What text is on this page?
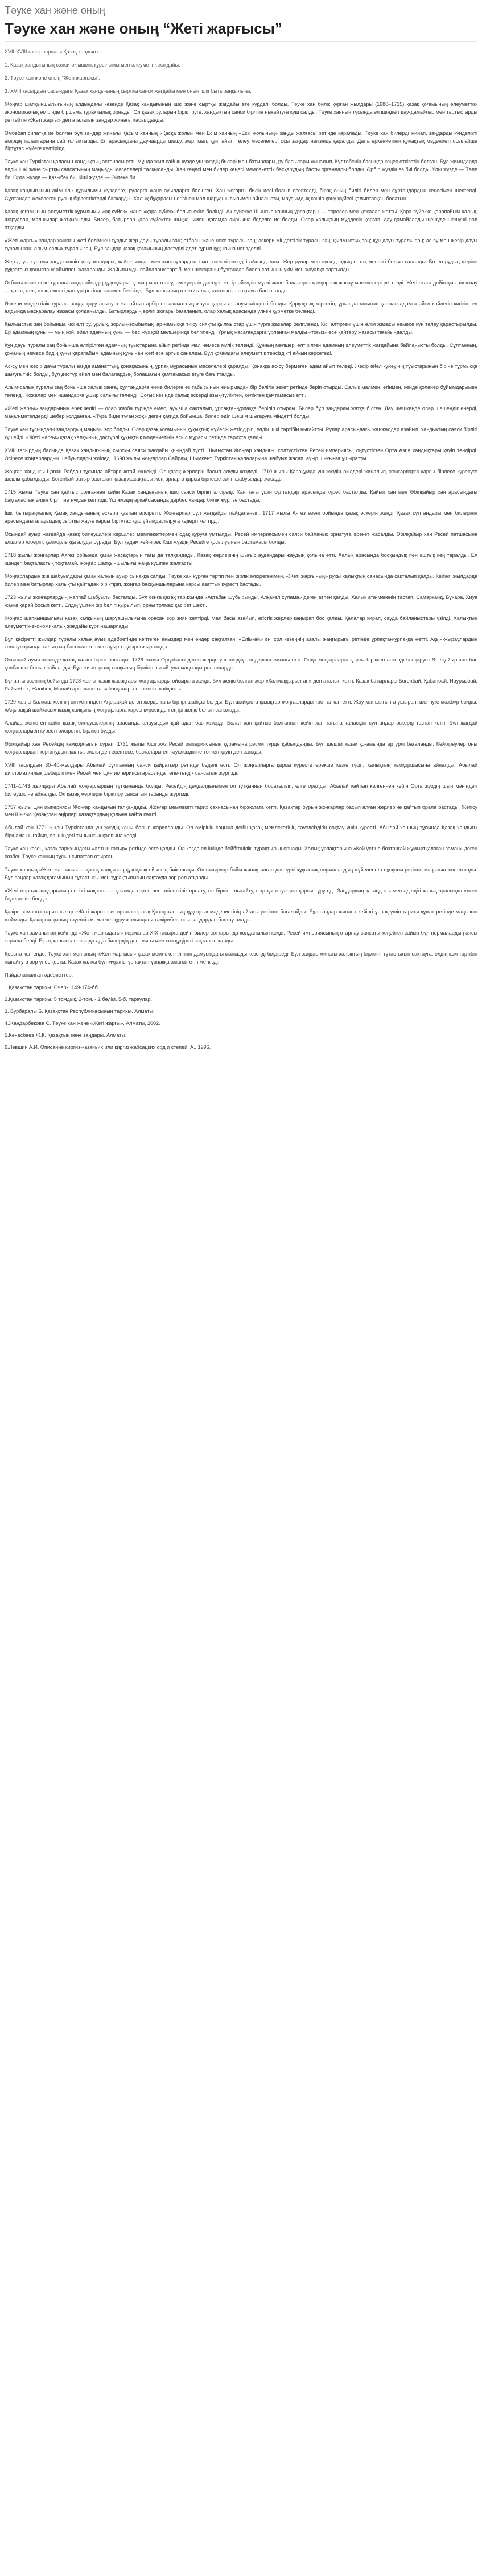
Тәуке хан және оның
Тәуке хан және оның “Жеті жарғысы”

XVII-XVIII ғасырлардағы Қазақ хандығы

1. Қазақ хандығының саяси-әкімшілік құрылымы мен әлеуметтік жағдайы.

2. Тәуке хан және оның “Жеті жарғысы”.

3. XVIII ғасырдың басындағы Қазақ хандығының сыртқы саяси жағдайы мен оның ішкі бытыраңқылығы.

Жоңғар шапқыншылығының алдындағы кезеңде Қазақ хандығының ішкі және сыртқы жағдайы өте күрделі болды. Тәуке хан билік құрған жылдары (1680–1715) қазақ қоғамының әлеуметтік-экономикалық өмірінде біршама тұрақтылық орнады. Ол қазақ руларын біріктіруге, хандықтың саяси бірлігін нығайтуға күш салды. Тәуке ханның тұсында ел ішіндегі дау-дамайлар мен тартыстарды реттейтін «Жеті жарғы» деп аталатын заңдар жинағы қабылданды.

Әмбебап сипатқа ие болған бұл заңдар жинағы Қасым ханның «Қасқа жолы» мен Есім ханның «Ескі жолының» заңды жалғасы ретінде қаралады. Тәуке хан билерді жинап, заңдарды күнделікті өмірдің талаптарына сай толықтырды. Ел арасындағы дау-шарды шешу, жер, мал, құн, айып төлеу мәселелері осы заңдар негізінде қаралды. Дала өркениетінің құқықтық мәдениеті осылайша біртұтас жүйеге келтірілді.

Тәуке хан Түркістан қаласын хандықтың астанасы етті. Мұнда жыл сайын күзде үш жүздің билері мен батырлары, ру басылары жиналып, Күлтөбенің басында кеңес өткізетін болған. Бұл жиындарда елдің ішкі және сыртқы саясатының маңызды мәселелері талқыланды. Хан кеңесі мен билер кеңесі мемлекеттік басқарудың басты органдары болды. Әрбір жүздің өз биі болды: Ұлы жүзде — Төле би, Орта жүзде — Қазыбек би, Кіші жүзде — Әйтеке би.

Қазақ хандығының әкімшілік құрылымы жүздерге, руларға және ауылдарға бөлінген. Хан жоғарғы билік иесі болып есептелді, бірақ оның билігі билер мен сұлтандардың кеңесімен шектелді. Сұлтандар жекелеген рулық бірлестіктерді басқарды. Халық бұқарасы негізінен мал шаруашылығымен айналысты, маусымдық көшіп-қону жүйесі қалыптасқан болатын.

Қазақ қоғамының әлеуметтік құрылымы «ақ сүйек» және «қара сүйек» болып екіге бөлінді. Ақ сүйекке Шыңғыс ханның ұрпақтары — төрелер мен қожалар жатты. Қара сүйекке қарапайым халық, шаруалар, малшылар жатқызылды. Билер, батырлар қара сүйектен шыққанымен, қоғамда айрықша беделге ие болды. Олар халықтың мүддесін қорғап, дау-дамайларды шешуде шешуші рөл атқарды.

«Жеті жарғы» заңдар жинағы жеті бөлімнен тұрды: жер дауы туралы заң; отбасы және неке туралы заң; әскери міндеттілік туралы заң; қылмыстық заң; құн дауы туралы заң; ас-су мен жесір дауы туралы заң; алым-салық туралы заң. Бұл заңдар қазақ қоғамының дәстүрлі әдет-ғұрып құқығына негізделді.

Жер дауы туралы заңда көшіп-қону жолдары, жайылымдар мен қыстаулардың кімге тиесілі екендігі айқындалды. Жер рулар мен ауылдардың ортақ меншігі болып саналды. Бөтен рудың жеріне рұқсатсыз қоныстану айыппен жазаланды. Жайылымды пайдалану тәртібі мен шекараны бұзғандар билер сотының үкімімен жауапқа тартылды.

Отбасы және неке туралы заңда әйелдің құқықтары, қалың мал төлеу, әмеңгерлік дәстүрі, жесір әйелдің мүлкі және балаларға қамқорлық жасау мәселелері реттелді. Жеті атаға дейін қыз алыспау — қазақ халқының ежелгі дәстүрі ретінде заңмен бекітілді. Бұл халықтың генетикалық тазалығын сақтауға бағытталды.

Әскери міндеттілік туралы заңда қару асынуға жарайтын әрбір ер азаматтың жауға қарсы аттануы міндетті болды. Қорқақтық көрсетіп, ұрыс даласынан қашқан адамға әйел көйлегін кигізіп, ел алдында масқаралау жазасы қолданылды. Батырлардың ерлігі жоғары бағаланып, олар халық арасында үлкен құрметке бөленді.

Қылмыстық заң бойынша кісі өлтіру, ұрлық, зорлық-зомбылық, ар-намысқа тиісу сияқты қылмыстар үшін түрлі жазалар белгіленді. Кісі өлтіргені үшін өлім жазасы немесе құн төлеу қарастырылды. Ер адамның құны — мың қой, әйел адамның құны — бес жүз қой мөлшерінде белгіленді. Ұрлық жасағандарға ұрланған малды «тоғыз» есе қайтару жазасы тағайындалды.

Құн дауы туралы заң бойынша өлтірілген адамның туыстарына айып ретінде мал немесе мүлік төленді. Құнның мөлшері өлтірілген адамның әлеуметтік жағдайына байланысты болды. Сұлтанның, қожаның немесе бидің құны қарапайым адамның құнынан жеті есе артық саналды. Бұл қоғамдағы әлеуметтік теңсіздікті айқын көрсетеді.

Ас-су мен жесір дауы туралы заңда аманаттың, қонақасының, ұрпақ мұрасының мәселелері қаралды. Қонаққа ас-су бермеген адам айып төледі. Жесір әйел күйеуінің туыстарының біріне тұрмысқа шығуға тиіс болды, бұл дәстүр әйел мен балалардың болашағын қамтамасыз етуге бағытталды.

Алым-салық туралы заң бойынша халық ханға, сұлтандарға және билерге өз табысының жиырмадан бір бөлігін зекет ретінде беріп отырды. Салық малмен, егінмен, кейде қолөнер бұйымдарымен төленді. Қожалар мен ишандарға ұшыр салығы төленді. Соғыс кезінде халық әскерді азық-түлікпен, көлікпен қамтамасыз етті.

«Жеті жарғы» заңдарының ерекшелігі — олар жазба түрінде емес, ауызша сақталып, ұрпақтан-ұрпаққа беріліп отырды. Билер бұл заңдарды жатқа білген. Дау шешкенде олар шешендік өнерді, мақал-мәтелдерді шебер қолданған. «Тура биде туған жоқ» деген қағида бойынша, билер әділ шешім шығаруға міндетті болды.

Тәуке хан тұсындағы заңдардың маңызы зор болды. Олар қазақ қоғамының құқықтық жүйесін жетілдіріп, елдің ішкі тәртібін нығайтты. Рулар арасындағы жанжалдар азайып, хандықтың саяси бірлігі күшейді. «Жеті жарғы» қазақ халқының дәстүрлі құқықтық мәдениетінің асыл мұрасы ретінде тарихта қалды.

XVIII ғасырдың басында Қазақ хандығының сыртқы саяси жағдайы қиындай түсті. Шығыстан Жоңғар хандығы, солтүстіктен Ресей империясы, оңтүстіктен Орта Азия хандықтары қауіп төндірді. Әсіресе жоңғарлардың шабуылдары жиіледі. 1698 жылы жоңғарлар Сайрам, Шымкент, Түркістан қалаларына шабуыл жасап, ауыр шығынға ұшыратты.

Жоңғар хандығы Цэван Рабдан тұсында айтарлықтай күшейді. Ол қазақ жерлерін басып алуды көздеді. 1710 жылы Қарақұмда үш жүздің өкілдері жиналып, жоңғарларға қарсы бірлесе күресуге шешім қабылдады. Бөгенбай батыр бастаған қазақ жасақтары жоңғарларға қарсы бірнеше сәтті шабуылдар жасады.

1715 жылы Тәуке хан қайтыс болғаннан кейін Қазақ хандығының ішкі саяси бірлігі әлсіреді. Хан тағы үшін сұлтандар арасында күрес басталды. Қайып хан мен Әбілқайыр хан арасындағы бақталастық елдің бірлігіне нұқсан келтірді. Үш жүздің әрқайсысында дербес хандар билік жүргізе бастады.

Ішкі бытыраңқылық Қазақ хандығының әскери қуатын әлсіретті. Жоңғарлар бұл жағдайды пайдаланып, 1717 жылы Аягөз өзені бойында қазақ әскерін жеңді. Қазақ сұлтандары мен билерінің арасындағы алауыздық сыртқы жауға қарсы біртұтас күш ұйымдастыруға кедергі келтірді.

Осындай ауыр жағдайда қазақ билеушілері көршілес мемлекеттермен одақ құруға ұмтылды. Ресей империясымен саяси байланыс орнатуға әрекет жасалды. Әбілқайыр хан Ресей патшасына елшілер жіберіп, қамқорлыққа алуды сұрады. Бұл қадам кейінірек Кіші жүздің Ресейге қосылуының бастамасы болды.

1718 жылы жоңғарлар Аягөз бойында қазақ жасақтарын тағы да талқандады. Қазақ жерлерінің шығыс аудандары жаудың қолына өтті. Халық арасында босқындық пен аштық кең таралды. Ел ішіндегі бақталастық тоқтамай, жоңғар шапқыншылығы жаңа күшпен жалғасты.

Жоңғарлардың жиі шабуылдары қазақ халқын ауыр сынаққа салды. Тәуке хан құрған тәртіп пен бірлік әлсірегенімен, «Жеті жарғының» рухы халықтың санасында сақталып қалды. Кейінгі жылдарда билер мен батырлар халықты қайтадан біріктіріп, жоңғар басқыншыларына қарсы азаттық күресті бастады.

1723 жылы жоңғарлардың жаппай шабуылы басталды. Бұл оқиға қазақ тарихында «Ақтабан шұбырынды, Алқакөл сұлама» деген атпен қалды. Халық ата-мекенін тастап, Самарқанд, Бұхара, Хиуа жаққа қарай босып кетті. Елдің үштен бір бөлігі қырылып, орны толмас қасірет шекті.

Жоңғар шапқыншылығы қазақ халқының шаруашылығына орасан зор зиян келтірді. Мал басы азайып, егістік жерлер қаңырап бос қалды. Қалалар қирап, сауда байланыстары үзілді. Халықтың әлеуметтік-экономикалық жағдайы күрт нашарлады.

Бұл қасіретті жылдар туралы халық ауыз әдебиетінде көптеген аңыздар мен әндер сақталған. «Елім-ай» әні сол кезеңнің азалы жаңғырығы ретінде ұрпақтан-ұрпаққа жетті. Ақын-жыраулардың толғауларында халықтың басынан кешкен ауыр тағдыры жырланды.

Осындай ауыр кезеңде қазақ халқы біріге бастады. 1726 жылы Ордабасы деген жерде үш жүздің өкілдерінің жиыны өтті. Онда жоңғарларға қарсы біріккен әскерді басқаруға Әбілқайыр хан бас қолбасшы болып сайланды. Бұл жиын қазақ халқының бірлігін нығайтуда маңызды рөл атқарды.

Бұланты өзенінің бойында 1728 жылы қазақ жасақтары жоңғарларды ойсырата жеңді. Бұл жеңіс болған жер «Қалмаққырылған» деп аталып кетті. Қазақ батырлары Бөгенбай, Қабанбай, Наурызбай, Райымбек, Жәнібек, Малайсары және тағы басқалары ерлікпен шайқасты.

1729 жылы Балқаш көлінің оңтүстігіндегі Аңырақай деген жерде тағы бір ірі шайқас болды. Бұл шайқаста қазақтар жоңғарларды тас-талқан етті. Жау көп шығынға ұшырап, шегінуге мәжбүр болды. «Аңырақай шайқасы» қазақ халқының жоңғарларға қарсы күресіндегі ең ірі жеңіс болып саналады.

Алайда жеңістен кейін қазақ билеушілерінің арасында алауыздық қайтадан бас көтерді. Болат хан қайтыс болғаннан кейін хан тағына таласқан сұлтандар әскерді тастап кетті. Бұл жағдай жоңғарлармен күресті әлсіретіп, бірлікті бұзды.

Әбілқайыр хан Ресейдің қамқорлығын сұрап, 1731 жылы Кіші жүз Ресей империясының құрамына ресми түрде қабылданды. Бұл шешім қазақ қоғамында әртүрлі бағаланды. Кейбіреулер оны жоңғарлардан қорғанудың жалғыз жолы деп есептесе, басқалары ел тәуелсіздігіне төнген қауіп деп санады.

XVIII ғасырдың 30–40-жылдары Абылай сұлтанның саяси қайраткер ретінде беделі өсті. Ол жоңғарларға қарсы күресте ерекше көзге түсіп, халықтың қамқоршысына айналды. Абылай дипломатиялық шеберлігімен Ресей мен Цин империясы арасында тепе-теңдік саясатын жүргізді.

1741–1743 жылдары Абылай жоңғарлардың тұтқынында болды. Ресейдің делдалдығымен ол тұтқыннан босатылып, елге оралды. Абылай қайтып келгеннен кейін Орта жүздің шын мәніндегі билеушісіне айналды. Ол қазақ жерлерін біріктіру саясатын табанды жүргізді.

1757 жылы Цин империясы Жоңғар хандығын талқандады. Жоңғар мемлекеті тарих сахнасынан біржолата кетті. Қазақтар бұрын жоңғарлар басып алған жерлеріне қайтып орала бастады. Жетісу мен Шығыс Қазақстан өңірлері қазақтардың қолына қайта көшті.

Абылай хан 1771 жылы Түркістанда үш жүздің ханы болып жарияланды. Ол өмірінің соңына дейін қазақ мемлекетінің тәуелсіздігін сақтау үшін күресті. Абылай ханның тұсында Қазақ хандығы біршама нығайып, ел ішіндегі тыныштық қалпына келді.

Тәуке хан кезеңі қазақ тарихындағы «алтын ғасыр» ретінде есте қалды. Ол кезде ел ішінде бейбітшілік, тұрақтылық орнады. Халық ұрпақтарына «Қой үстіне бозторғай жұмыртқалаған заман» деген сөзбен Тәуке ханның тұсын сипаттап отырған.

Тәуке ханның «Жеті жарғысы» — қазақ халқының құқықтық ойының биік шыңы. Ол ғасырлар бойы жинақталған дәстүрлі құқықтық нормалардың жүйеленген нұсқасы ретінде маңызын жоғалтпады. Бұл заңдар қазақ қоғамының тұтастығы мен тұрақтылығын сақтауда зор рөл атқарды.

«Жеті жарғы» заңдарының негізгі мақсаты — қоғамда тәртіп пен әділеттілік орнату, ел бірлігін нығайту, сыртқы жауларға қарсы тұру еді. Заңдардың қатаңдығы мен әділдігі халық арасында үлкен беделге ие болды.

Қазіргі заманғы тарихшылар «Жеті жарғыны» ортағасырлық Қазақстанның құқықтық мәдениетінің айғағы ретінде бағалайды. Бұл заңдар жинағы кейінгі ұрпақ үшін тарихи құжат ретінде маңызын жоймады. Қазақ халқының тәуелсіз мемлекет құру жолындағы тәжірибесі осы заңдардан бастау алады.

Тәуке хан заманынан кейін де «Жеті жарғыдағы» нормалар XIX ғасырға дейін билер соттарында қолданылып келді. Ресей империясының отарлау саясаты кеңейген сайын бұл нормалардың аясы тарыла берді. Бірақ халық санасында әділ билердің даналығы мен сөз құдіреті сақталып қалды.

Қорыта келгенде, Тәуке хан мен оның «Жеті жарғысы» қазақ мемлекеттілігінің дамуындағы маңызды кезеңді білдіреді. Бұл заңдар жинағы халықтың бірлігін, тұтастығын сақтауға, елдің ішкі тәртібін нығайтуға зор үлес қосты. Қазақ халқы бұл мұраны ұрпақтан-ұрпаққа аманат етіп жеткізді.

Пайдаланылған әдебиеттер:

1.Қазақстан тарихы. Очерк. 149-174-бб.
2.Қазақстан тарихы. 5 томдық. 2-том. - 2 бөлім. 5-б. тараулар.
3. Бурбаралы Б. Қазақстан Республикасының тарихы. Алматы.
4.Жандарбекова С. Тәуке хан және «Жеті жарғы». Алматы, 2002.
5.Кенесбаев Ж.К. Қазақтың көне заңдары. Алматы.
6.Левшин А.И. Описание киргиз-казачьих или киргиз-кайсацких орд и степей. А., 1996.
